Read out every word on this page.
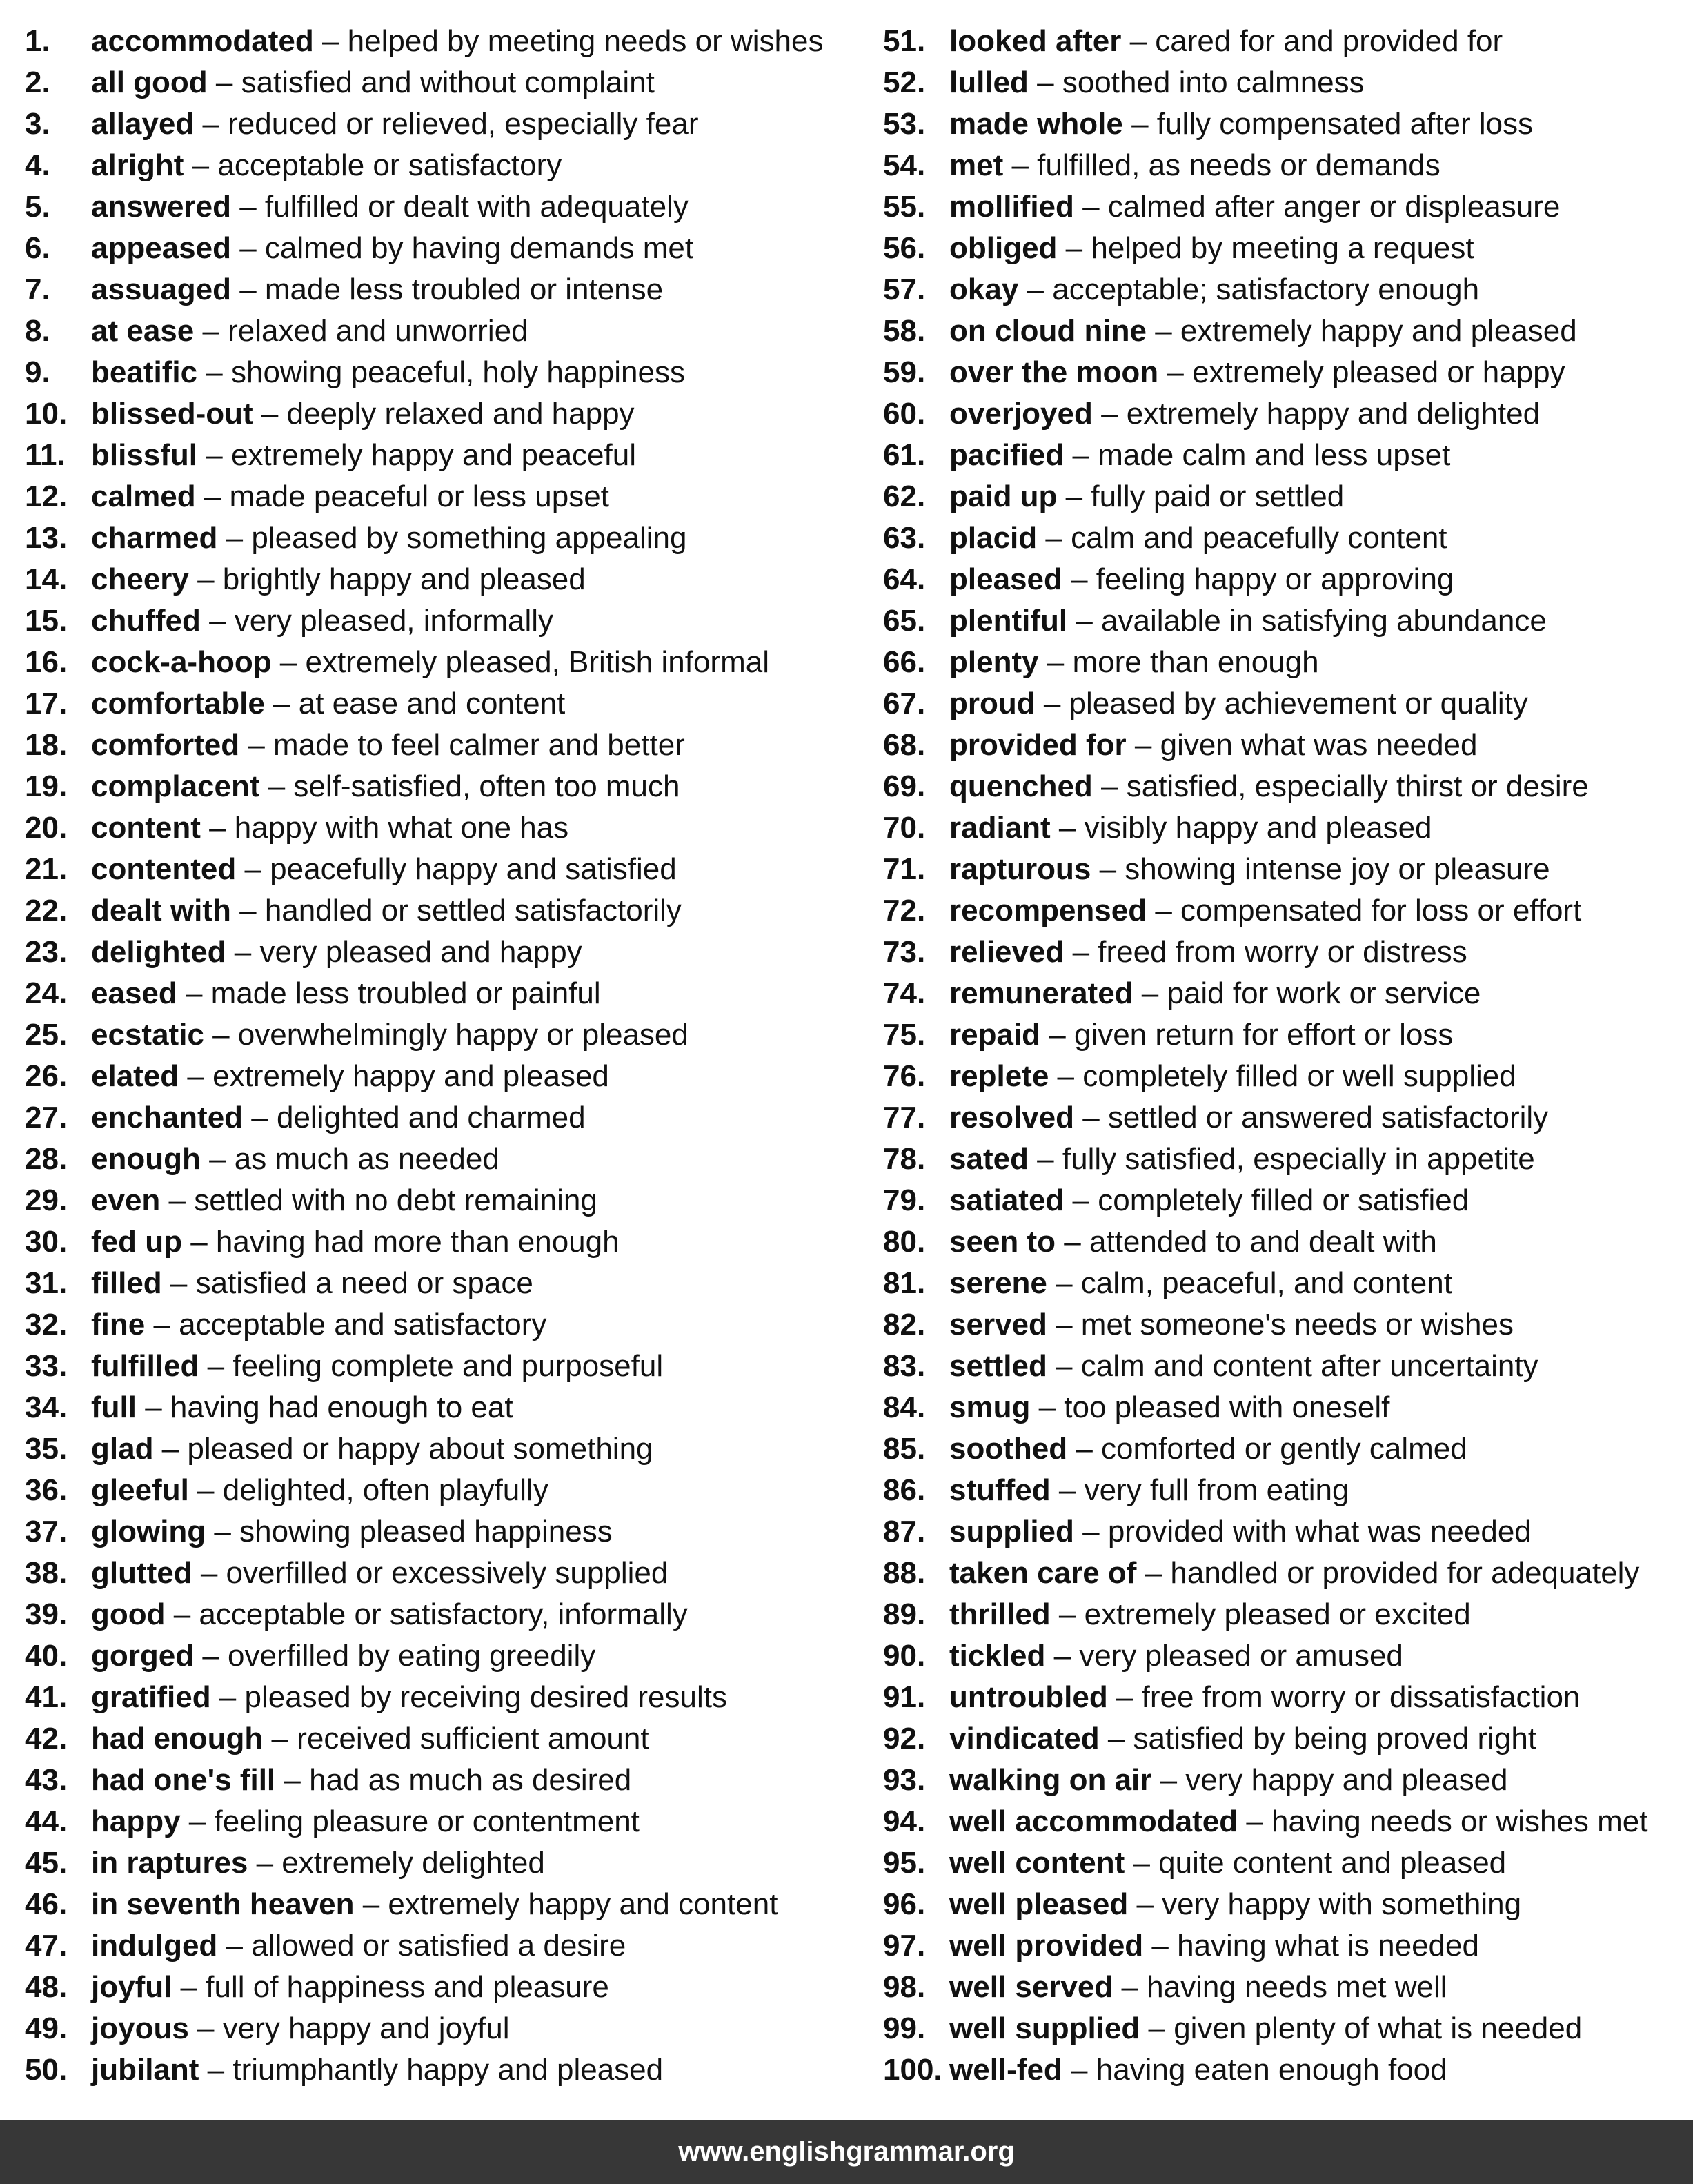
1. accommodated – helped by meeting needs or wishes
2. all good – satisfied and without complaint
3. allayed – reduced or relieved, especially fear
4. alright – acceptable or satisfactory
5. answered – fulfilled or dealt with adequately
6. appeased – calmed by having demands met
7. assuaged – made less troubled or intense
8. at ease – relaxed and unworried
9. beatific – showing peaceful, holy happiness
10. blissed-out – deeply relaxed and happy
11. blissful – extremely happy and peaceful
12. calmed – made peaceful or less upset
13. charmed – pleased by something appealing
14. cheery – brightly happy and pleased
15. chuffed – very pleased, informally
16. cock-a-hoop – extremely pleased, British informal
17. comfortable – at ease and content
18. comforted – made to feel calmer and better
19. complacent – self-satisfied, often too much
20. content – happy with what one has
21. contented – peacefully happy and satisfied
22. dealt with – handled or settled satisfactorily
23. delighted – very pleased and happy
24. eased – made less troubled or painful
25. ecstatic – overwhelmingly happy or pleased
26. elated – extremely happy and pleased
27. enchanted – delighted and charmed
28. enough – as much as needed
29. even – settled with no debt remaining
30. fed up – having had more than enough
31. filled – satisfied a need or space
32. fine – acceptable and satisfactory
33. fulfilled – feeling complete and purposeful
34. full – having had enough to eat
35. glad – pleased or happy about something
36. gleeful – delighted, often playfully
37. glowing – showing pleased happiness
38. glutted – overfilled or excessively supplied
39. good – acceptable or satisfactory, informally
40. gorged – overfilled by eating greedily
41. gratified – pleased by receiving desired results
42. had enough – received sufficient amount
43. had one's fill – had as much as desired
44. happy – feeling pleasure or contentment
45. in raptures – extremely delighted
46. in seventh heaven – extremely happy and content
47. indulged – allowed or satisfied a desire
48. joyful – full of happiness and pleasure
49. joyous – very happy and joyful
50. jubilant – triumphantly happy and pleased
51. looked after – cared for and provided for
52. lulled – soothed into calmness
53. made whole – fully compensated after loss
54. met – fulfilled, as needs or demands
55. mollified – calmed after anger or displeasure
56. obliged – helped by meeting a request
57. okay – acceptable; satisfactory enough
58. on cloud nine – extremely happy and pleased
59. over the moon – extremely pleased or happy
60. overjoyed – extremely happy and delighted
61. pacified – made calm and less upset
62. paid up – fully paid or settled
63. placid – calm and peacefully content
64. pleased – feeling happy or approving
65. plentiful – available in satisfying abundance
66. plenty – more than enough
67. proud – pleased by achievement or quality
68. provided for – given what was needed
69. quenched – satisfied, especially thirst or desire
70. radiant – visibly happy and pleased
71. rapturous – showing intense joy or pleasure
72. recompensed – compensated for loss or effort
73. relieved – freed from worry or distress
74. remunerated – paid for work or service
75. repaid – given return for effort or loss
76. replete – completely filled or well supplied
77. resolved – settled or answered satisfactorily
78. sated – fully satisfied, especially in appetite
79. satiated – completely filled or satisfied
80. seen to – attended to and dealt with
81. serene – calm, peaceful, and content
82. served – met someone's needs or wishes
83. settled – calm and content after uncertainty
84. smug – too pleased with oneself
85. soothed – comforted or gently calmed
86. stuffed – very full from eating
87. supplied – provided with what was needed
88. taken care of – handled or provided for adequately
89. thrilled – extremely pleased or excited
90. tickled – very pleased or amused
91. untroubled – free from worry or dissatisfaction
92. vindicated – satisfied by being proved right
93. walking on air – very happy and pleased
94. well accommodated – having needs or wishes met
95. well content – quite content and pleased
96. well pleased – very happy with something
97. well provided – having what is needed
98. well served – having needs met well
99. well supplied – given plenty of what is needed
100. well-fed – having eaten enough food
www.englishgrammar.org
